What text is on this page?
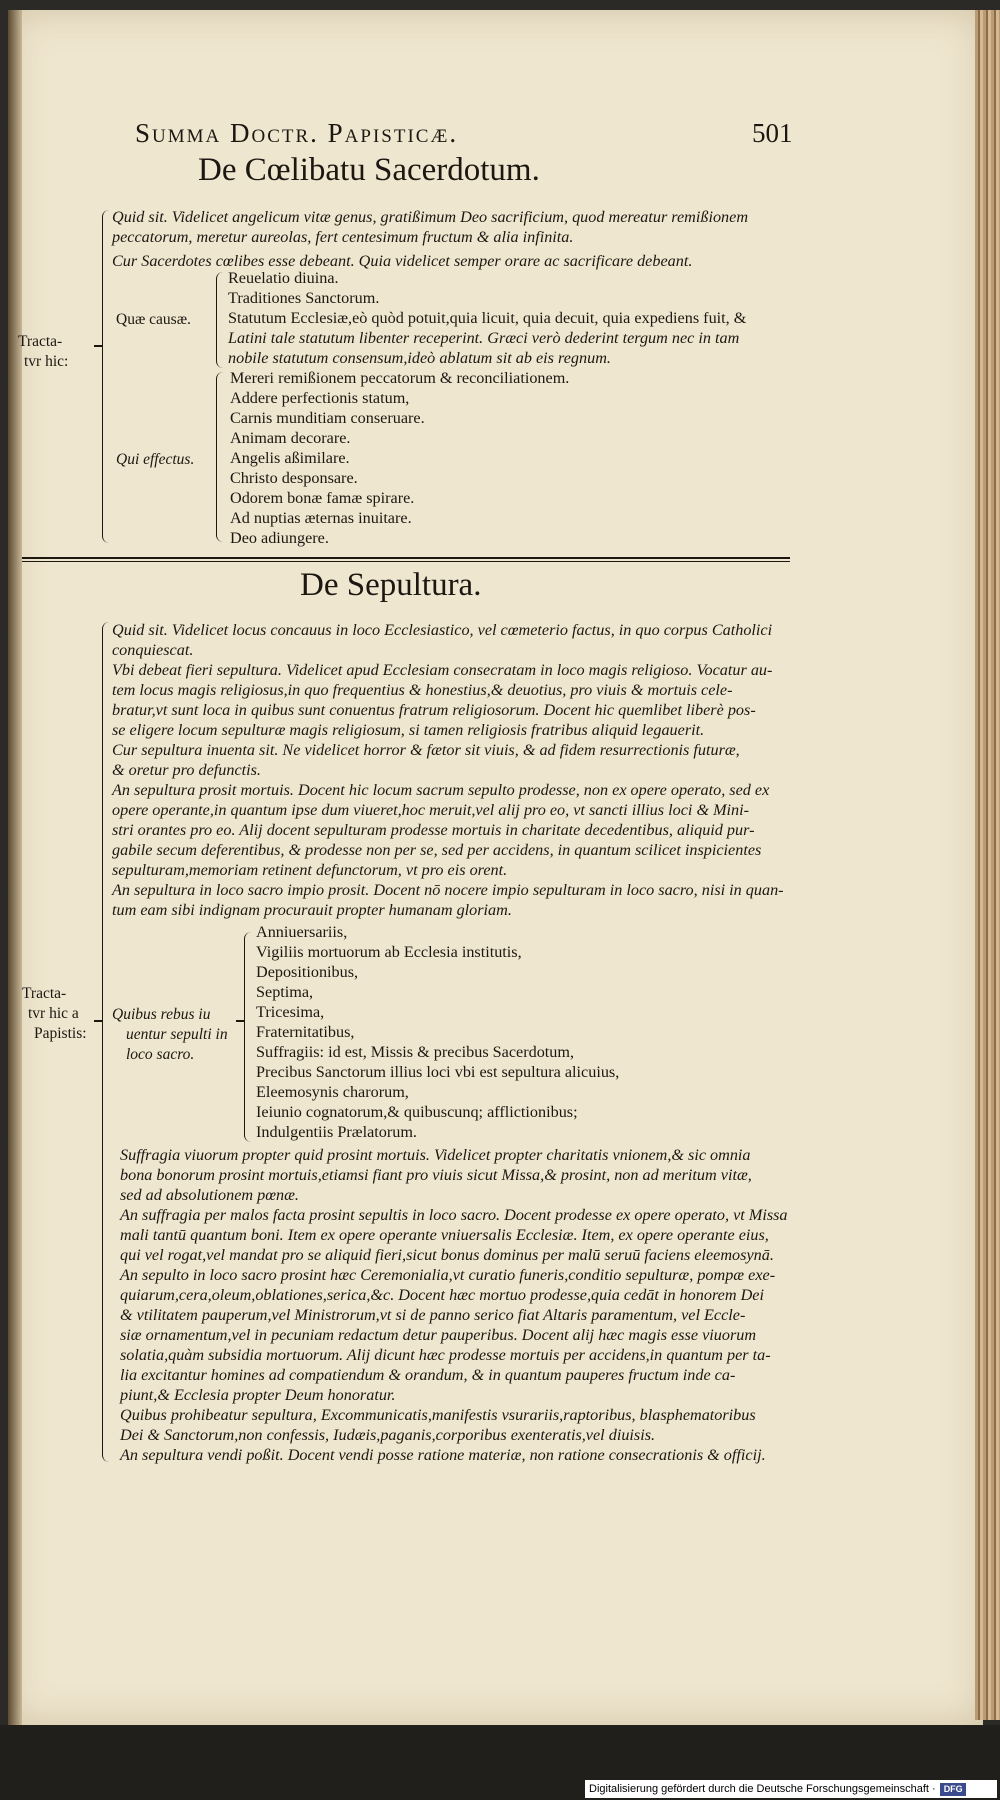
Summa Doctr. Papisticæ.	501
De Cœlibatu Sacerdotum.
Quid sit. Videlicet angelicum vitæ genus, gratißimum Deo sacrificium, quod mereatur remißionem
peccatorum, meretur aureolas, fert centesimum fructum & alia infinita.
Cur Sacerdotes cœlibes esse debeant. Quia videlicet semper orare ac sacrificare debeant.
Tracta-
tvr hic:
Quæ causæ.
Reuelatio diuina.
Traditiones Sanctorum.
Statutum Ecclesiæ,eò quòd potuit,quia licuit, quia decuit, quia expediens fuit, &
Latini tale statutum libenter receperint. Græci verò dederint tergum nec in tam
nobile statutum consensum,ideò ablatum sit ab eis regnum.
Qui effectus.
Mereri remißionem peccatorum & reconciliationem.
Addere perfectionis statum,
Carnis munditiam conseruare.
Animam decorare.
Angelis aßimilare.
Christo desponsare.
Odorem bonæ famæ spirare.
Ad nuptias æternas inuitare.
Deo adiungere.
De Sepultura.
Quid sit. Videlicet locus concauus in loco Ecclesiastico, vel cœmeterio factus, in quo corpus Catholici
conquiescat.
Vbi debeat fieri sepultura. Videlicet apud Ecclesiam consecratam in loco magis religioso. Vocatur au-
tem locus magis religiosus,in quo frequentius & honestius,& deuotius, pro viuis & mortuis cele-
bratur,vt sunt loca in quibus sunt conuentus fratrum religiosorum. Docent hic quemlibet liberè pos-
se eligere locum sepulturæ magis religiosum, si tamen religiosis fratribus aliquid legauerit.
Cur sepultura inuenta sit. Ne videlicet horror & fætor sit viuis, & ad fidem resurrectionis futuræ,
& oretur pro defunctis.
An sepultura prosit mortuis. Docent hic locum sacrum sepulto prodesse, non ex opere operato, sed ex
opere operante,in quantum ipse dum viueret,hoc meruit,vel alij pro eo, vt sancti illius loci & Mini-
stri orantes pro eo. Alij docent sepulturam prodesse mortuis in charitate decedentibus, aliquid pur-
gabile secum deferentibus, & prodesse non per se, sed per accidens, in quantum scilicet inspicientes
sepulturam,memoriam retinent defunctorum, vt pro eis orent.
An sepultura in loco sacro impio prosit. Docent nō nocere impio sepulturam in loco sacro, nisi in quan-
tum eam sibi indignam procurauit propter humanam gloriam.
Tracta-
tvr hic a
Papistis:
Quibus rebus iu
uentur sepulti in
loco sacro.
Anniuersariis,
Vigiliis mortuorum ab Ecclesia institutis,
Depositionibus,
Septima,
Tricesima,
Fraternitatibus,
Suffragiis: id est, Missis & precibus Sacerdotum,
Precibus Sanctorum illius loci vbi est sepultura alicuius,
Eleemosynis charorum,
Ieiunio cognatorum,& quibuscunq; afflictionibus;
Indulgentiis Prælatorum.
Suffragia viuorum propter quid prosint mortuis. Videlicet propter charitatis vnionem,& sic omnia
bona bonorum prosint mortuis,etiamsi fiant pro viuis sicut Missa,& prosint, non ad meritum vitæ,
sed ad absolutionem pœnæ.
An suffragia per malos facta prosint sepultis in loco sacro. Docent prodesse ex opere operato, vt Missa
mali tantū quantum boni. Item ex opere operante vniuersalis Ecclesiæ. Item, ex opere operante eius,
qui vel rogat,vel mandat pro se aliquid fieri,sicut bonus dominus per malū seruū faciens eleemosynā.
An sepulto in loco sacro prosint hæc Ceremonialia,vt curatio funeris,conditio sepulturæ, pompæ exe-
quiarum,cera,oleum,oblationes,serica,&c. Docent hæc mortuo prodesse,quia cedāt in honorem Dei
& vtilitatem pauperum,vel Ministrorum,vt si de panno serico fiat Altaris paramentum, vel Eccle-
siæ ornamentum,vel in pecuniam redactum detur pauperibus. Docent alij hæc magis esse viuorum
solatia,quàm subsidia mortuorum. Alij dicunt hæc prodesse mortuis per accidens,in quantum per ta-
lia excitantur homines ad compatiendum & orandum, & in quantum pauperes fructum inde ca-
piunt,& Ecclesia propter Deum honoratur.
Quibus prohibeatur sepultura, Excommunicatis,manifestis vsurariis,raptoribus, blasphematoribus
Dei & Sanctorum,non confessis, Iudæis,paganis,corporibus exenteratis,vel diuisis.
An sepultura vendi poßit. Docent vendi posse ratione materiæ, non ratione consecrationis & officij.
Digitalisierung gefördert durch die Deutsche Forschungsgemeinschaft · DFG
